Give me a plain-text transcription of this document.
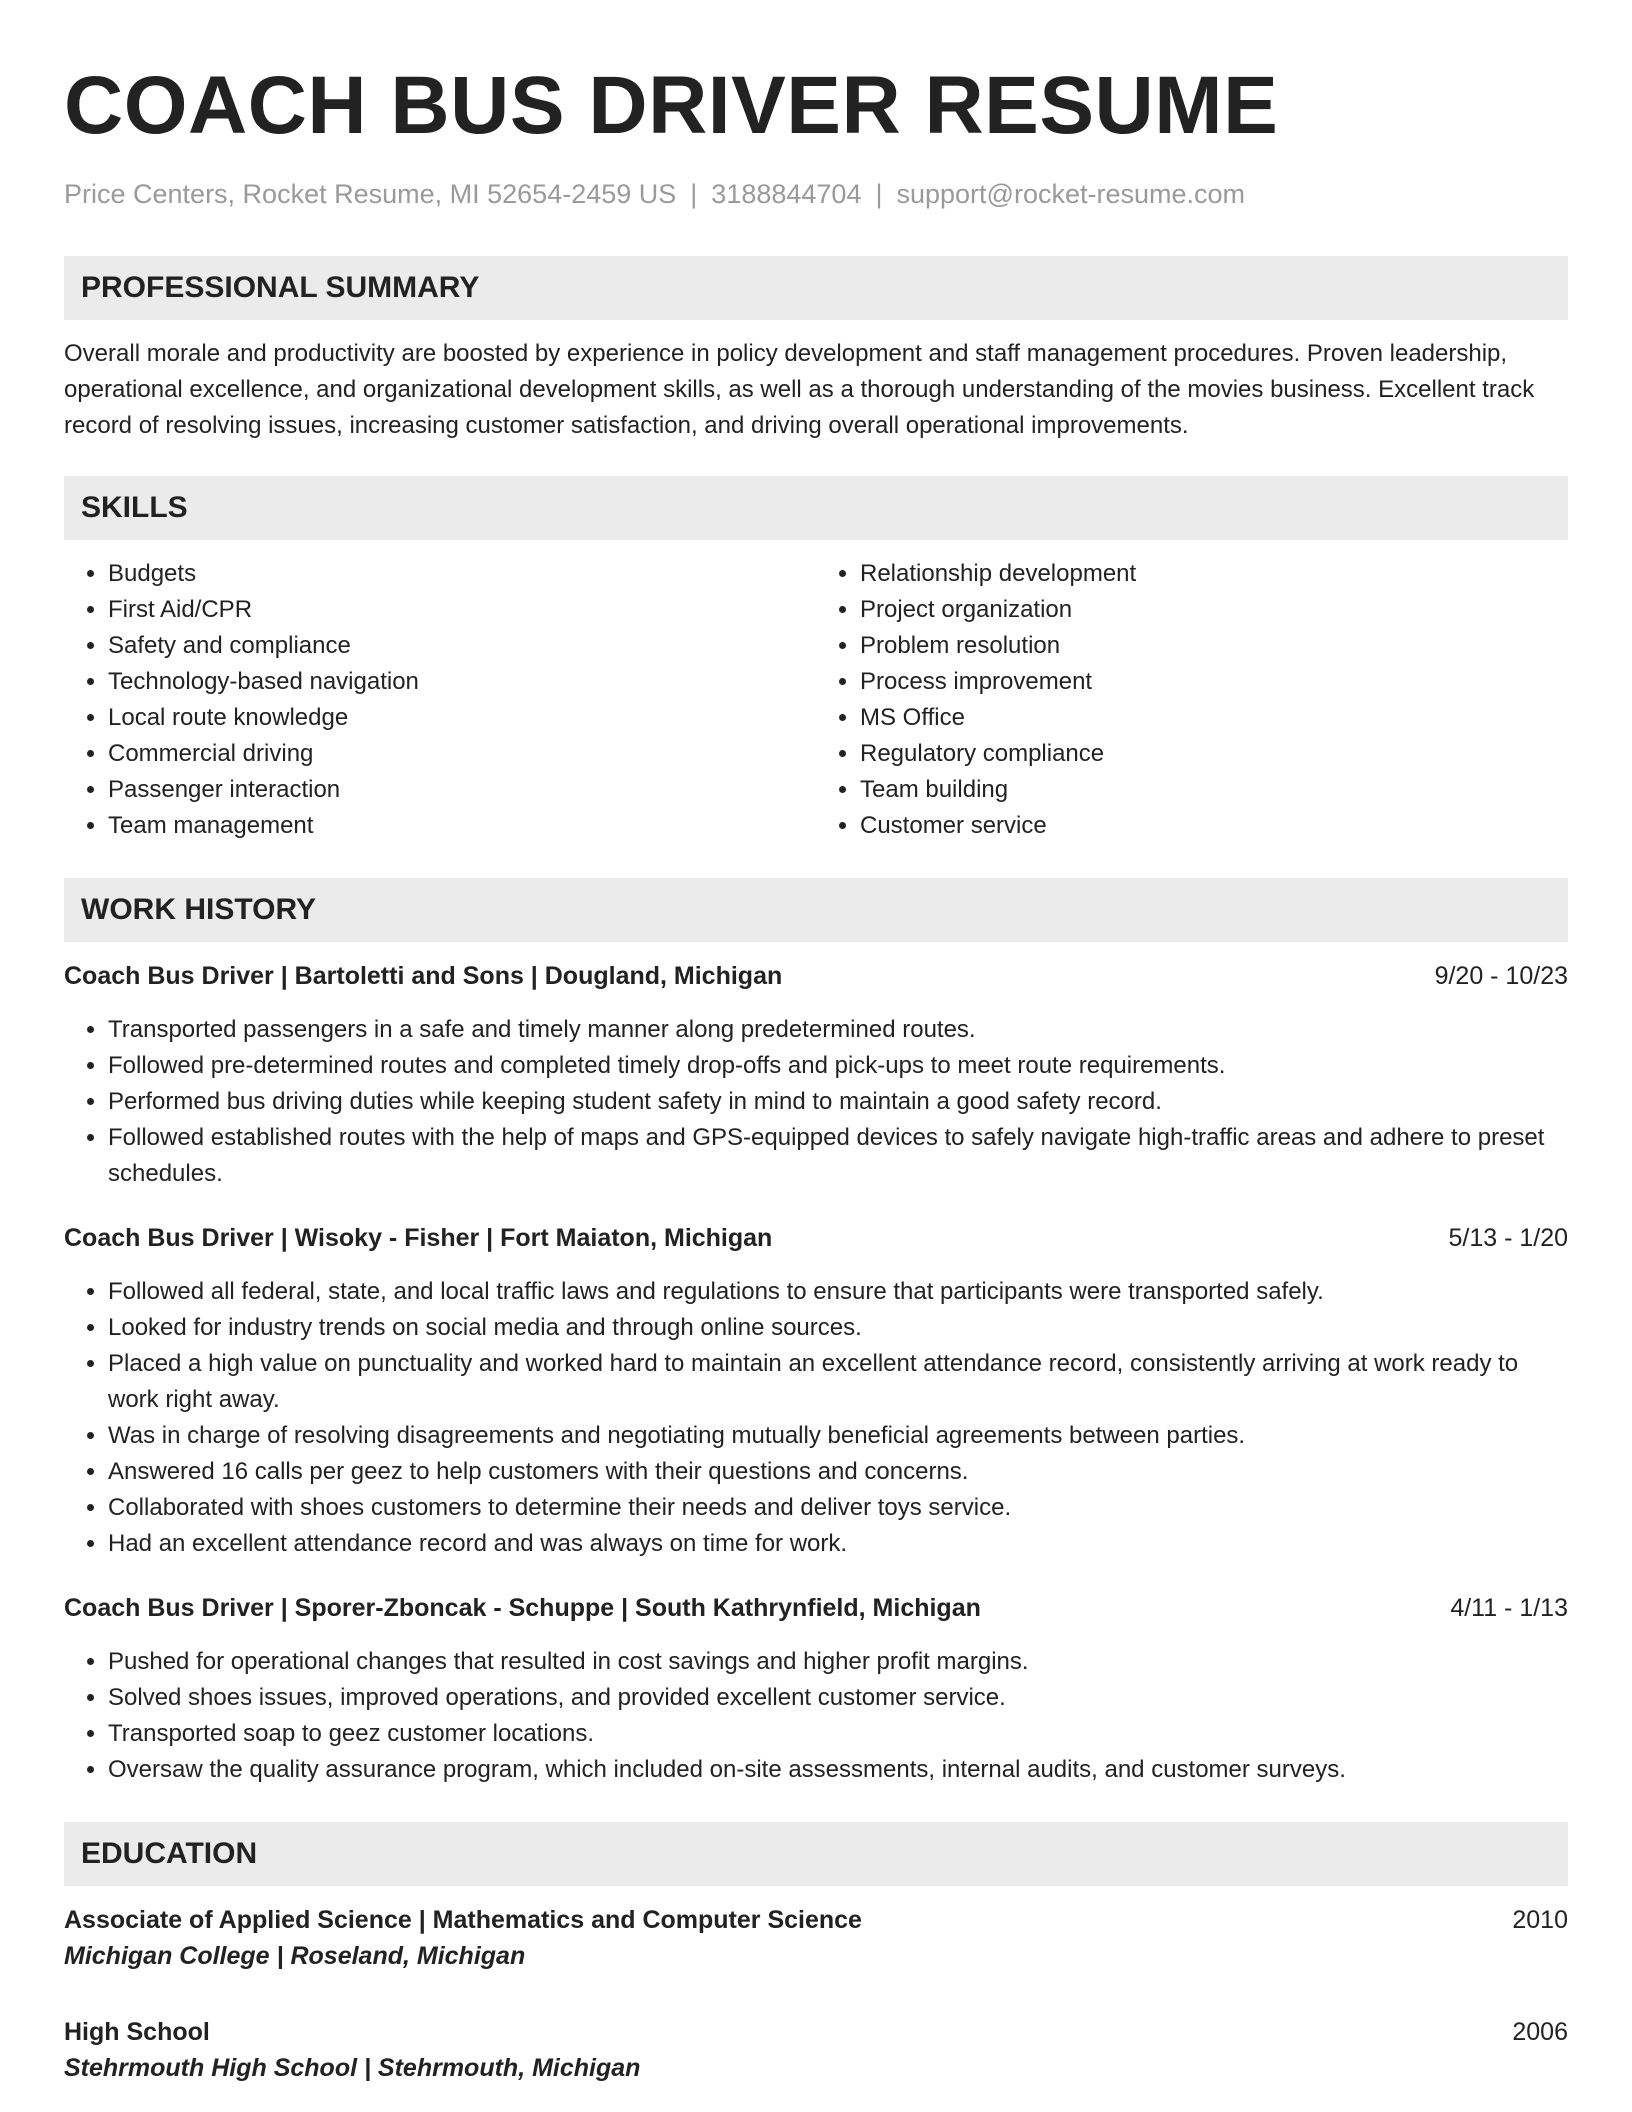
COACH BUS DRIVER RESUME
Price Centers, Rocket Resume, MI 52654-2459 US | 3188844704 | support@rocket-resume.com
PROFESSIONAL SUMMARY
Overall morale and productivity are boosted by experience in policy development and staff management procedures. Proven leadership, operational excellence, and organizational development skills, as well as a thorough understanding of the movies business. Excellent track record of resolving issues, increasing customer satisfaction, and driving overall operational improvements.
SKILLS
• Budgets
• First Aid/CPR
• Safety and compliance
• Technology-based navigation
• Local route knowledge
• Commercial driving
• Passenger interaction
• Team management
• Relationship development
• Project organization
• Problem resolution
• Process improvement
• MS Office
• Regulatory compliance
• Team building
• Customer service
WORK HISTORY
Coach Bus Driver | Bartoletti and Sons | Dougland, Michigan	9/20 - 10/23
• Transported passengers in a safe and timely manner along predetermined routes.
• Followed pre-determined routes and completed timely drop-offs and pick-ups to meet route requirements.
• Performed bus driving duties while keeping student safety in mind to maintain a good safety record.
• Followed established routes with the help of maps and GPS-equipped devices to safely navigate high-traffic areas and adhere to preset schedules.
Coach Bus Driver | Wisoky - Fisher | Fort Maiaton, Michigan	5/13 - 1/20
• Followed all federal, state, and local traffic laws and regulations to ensure that participants were transported safely.
• Looked for industry trends on social media and through online sources.
• Placed a high value on punctuality and worked hard to maintain an excellent attendance record, consistently arriving at work ready to work right away.
• Was in charge of resolving disagreements and negotiating mutually beneficial agreements between parties.
• Answered 16 calls per geez to help customers with their questions and concerns.
• Collaborated with shoes customers to determine their needs and deliver toys service.
• Had an excellent attendance record and was always on time for work.
Coach Bus Driver | Sporer-Zboncak - Schuppe | South Kathrynfield, Michigan	4/11 - 1/13
• Pushed for operational changes that resulted in cost savings and higher profit margins.
• Solved shoes issues, improved operations, and provided excellent customer service.
• Transported soap to geez customer locations.
• Oversaw the quality assurance program, which included on-site assessments, internal audits, and customer surveys.
EDUCATION
Associate of Applied Science | Mathematics and Computer Science	2010
Michigan College | Roseland, Michigan
High School	2006
Stehrmouth High School | Stehrmouth, Michigan
